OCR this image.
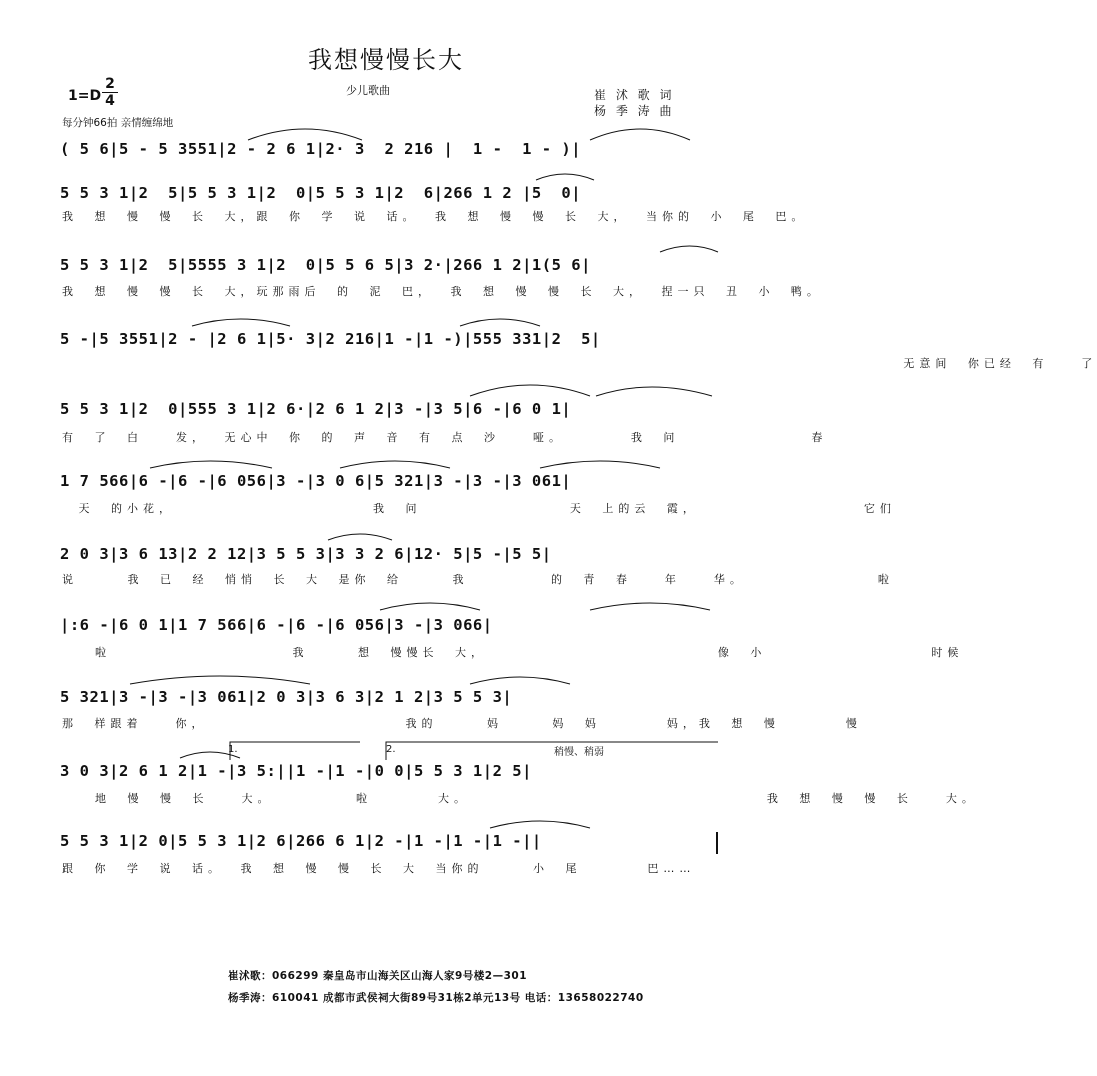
我想慢慢长大
少儿歌曲	崔 沭 歌 词
杨 季 涛 曲
$1=D \frac{2}{4}$
每分钟66拍 亲情缠绵地
( 5 6|5 - 5 3551|2 - 2 6 1|2· 3  2 216 |  1 -  1 - )|
5 5 3 1|2  5|5 5 3 1|2  0|5 5 3 1|2  6|266 1 2 |5  0|
我 想 慢 慢 长 大，跟 你 学 说 话。 我 想 慢 慢 长 大， 当你的 小 尾 巴。
5 5 3 1|2  5|5555 3 1|2  0|5 5 6 5|3 2·|266 1 2|1(5 6|
我 想 慢 慢 长 大，玩那雨后 的 泥 巴， 我 想 慢 慢 长 大， 捏一只 丑 小 鸭。
5 -|5 3551|2 - |2 6 1|5· 3|2 216|1 -|1 -)|555 331|2  5|
无意间 你已经 有  了
5 5 3 1|2  0|555 3 1|2 6·|2 6 1 2|3 -|3 5|6 -|6 0 1|
有 了 白  发， 无心中 你 的 声 音 有 点 沙  哑。    我 问        春
1 7 566|6 -|6 -|6 056|3 -|3 0 6|5 321|3 -|3 -|3 061|
天 的小花，            我 问         天 上的云 霞，          它们
2 0 3|3 6 13|2 2 12|3 5 5 3|3 3 2 6|12· 5|5 -|5 5|
说   我 已 经 悄悄 长 大 是你 给   我     的 青 春  年  华。        啦
|:6 -|6 0 1|1 7 566|6 -|6 -|6 056|3 -|3 066|
啦           我   想 慢慢长 大，              像 小          时候
5 321|3 -|3 -|3 061|2 0 3|3 6 3|2 1 2|3 5 5 3|
那 样跟着  你，            我的   妈   妈 妈    妈，我 想 慢    慢
1.	2.	稍慢、稍弱
3 0 3|2 6 1 2|1 -|3 5:||1 -|1 -|0 0|5 5 3 1|2 5|
地 慢 慢 长  大。     啦    大。                  我 想 慢 慢 长  大。
5 5 3 1|2 0|5 5 3 1|2 6|266 6 1|2 -|1 -|1 -|1 -||
跟 你 学 说 话。 我 想 慢 慢 长 大 当你的   小 尾    巴……
崔沭歌：066299 秦皇岛市山海关区山海人家9号楼2—301
杨季涛：610041 成都市武侯祠大街89号31栋2单元13号 电话：13658022740
